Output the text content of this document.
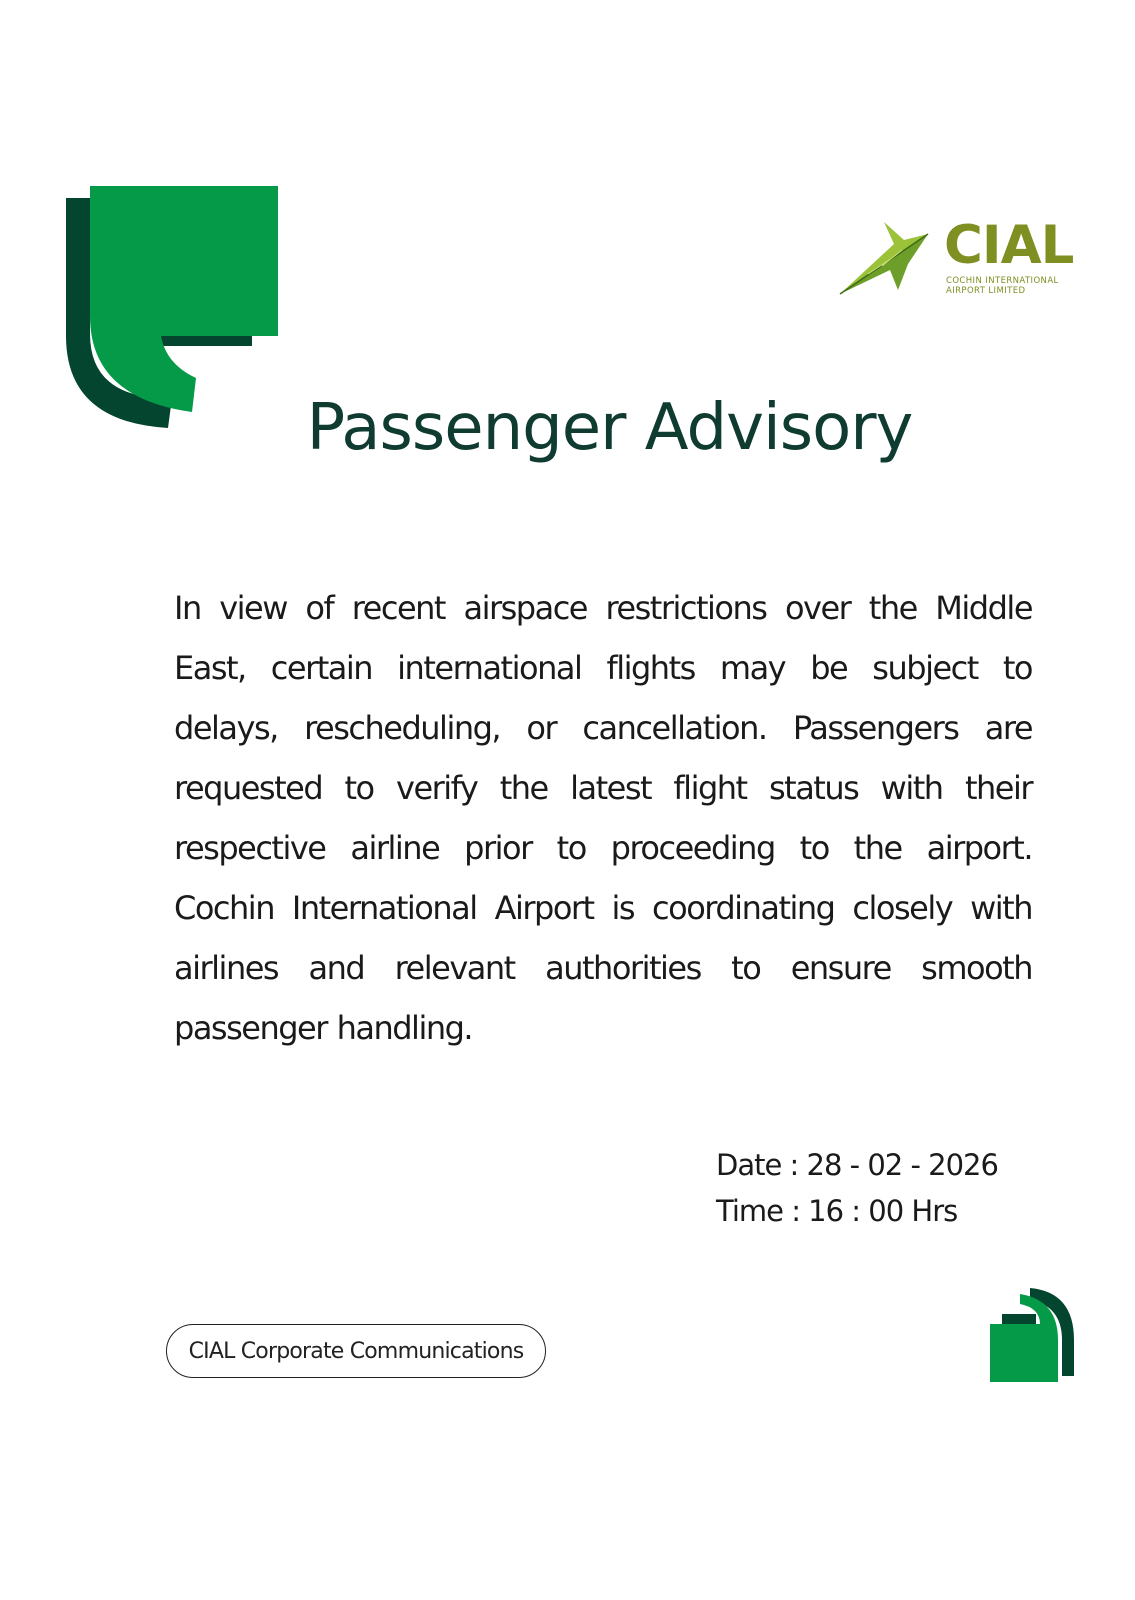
CIAL
COCHIN INTERNATIONAL AIRPORT LIMITED
Passenger Advisory

In view of recent airspace restrictions over the Middle East, certain international flights may be subject to delays, rescheduling, or cancellation. Passengers are requested to verify the latest flight status with their respective airline prior to proceeding to the airport. Cochin International Airport is coordinating closely with airlines and relevant authorities to ensure smooth passenger handling.

Date : 28 - 02 - 2026
Time : 16 : 00 Hrs
CIAL Corporate Communications
